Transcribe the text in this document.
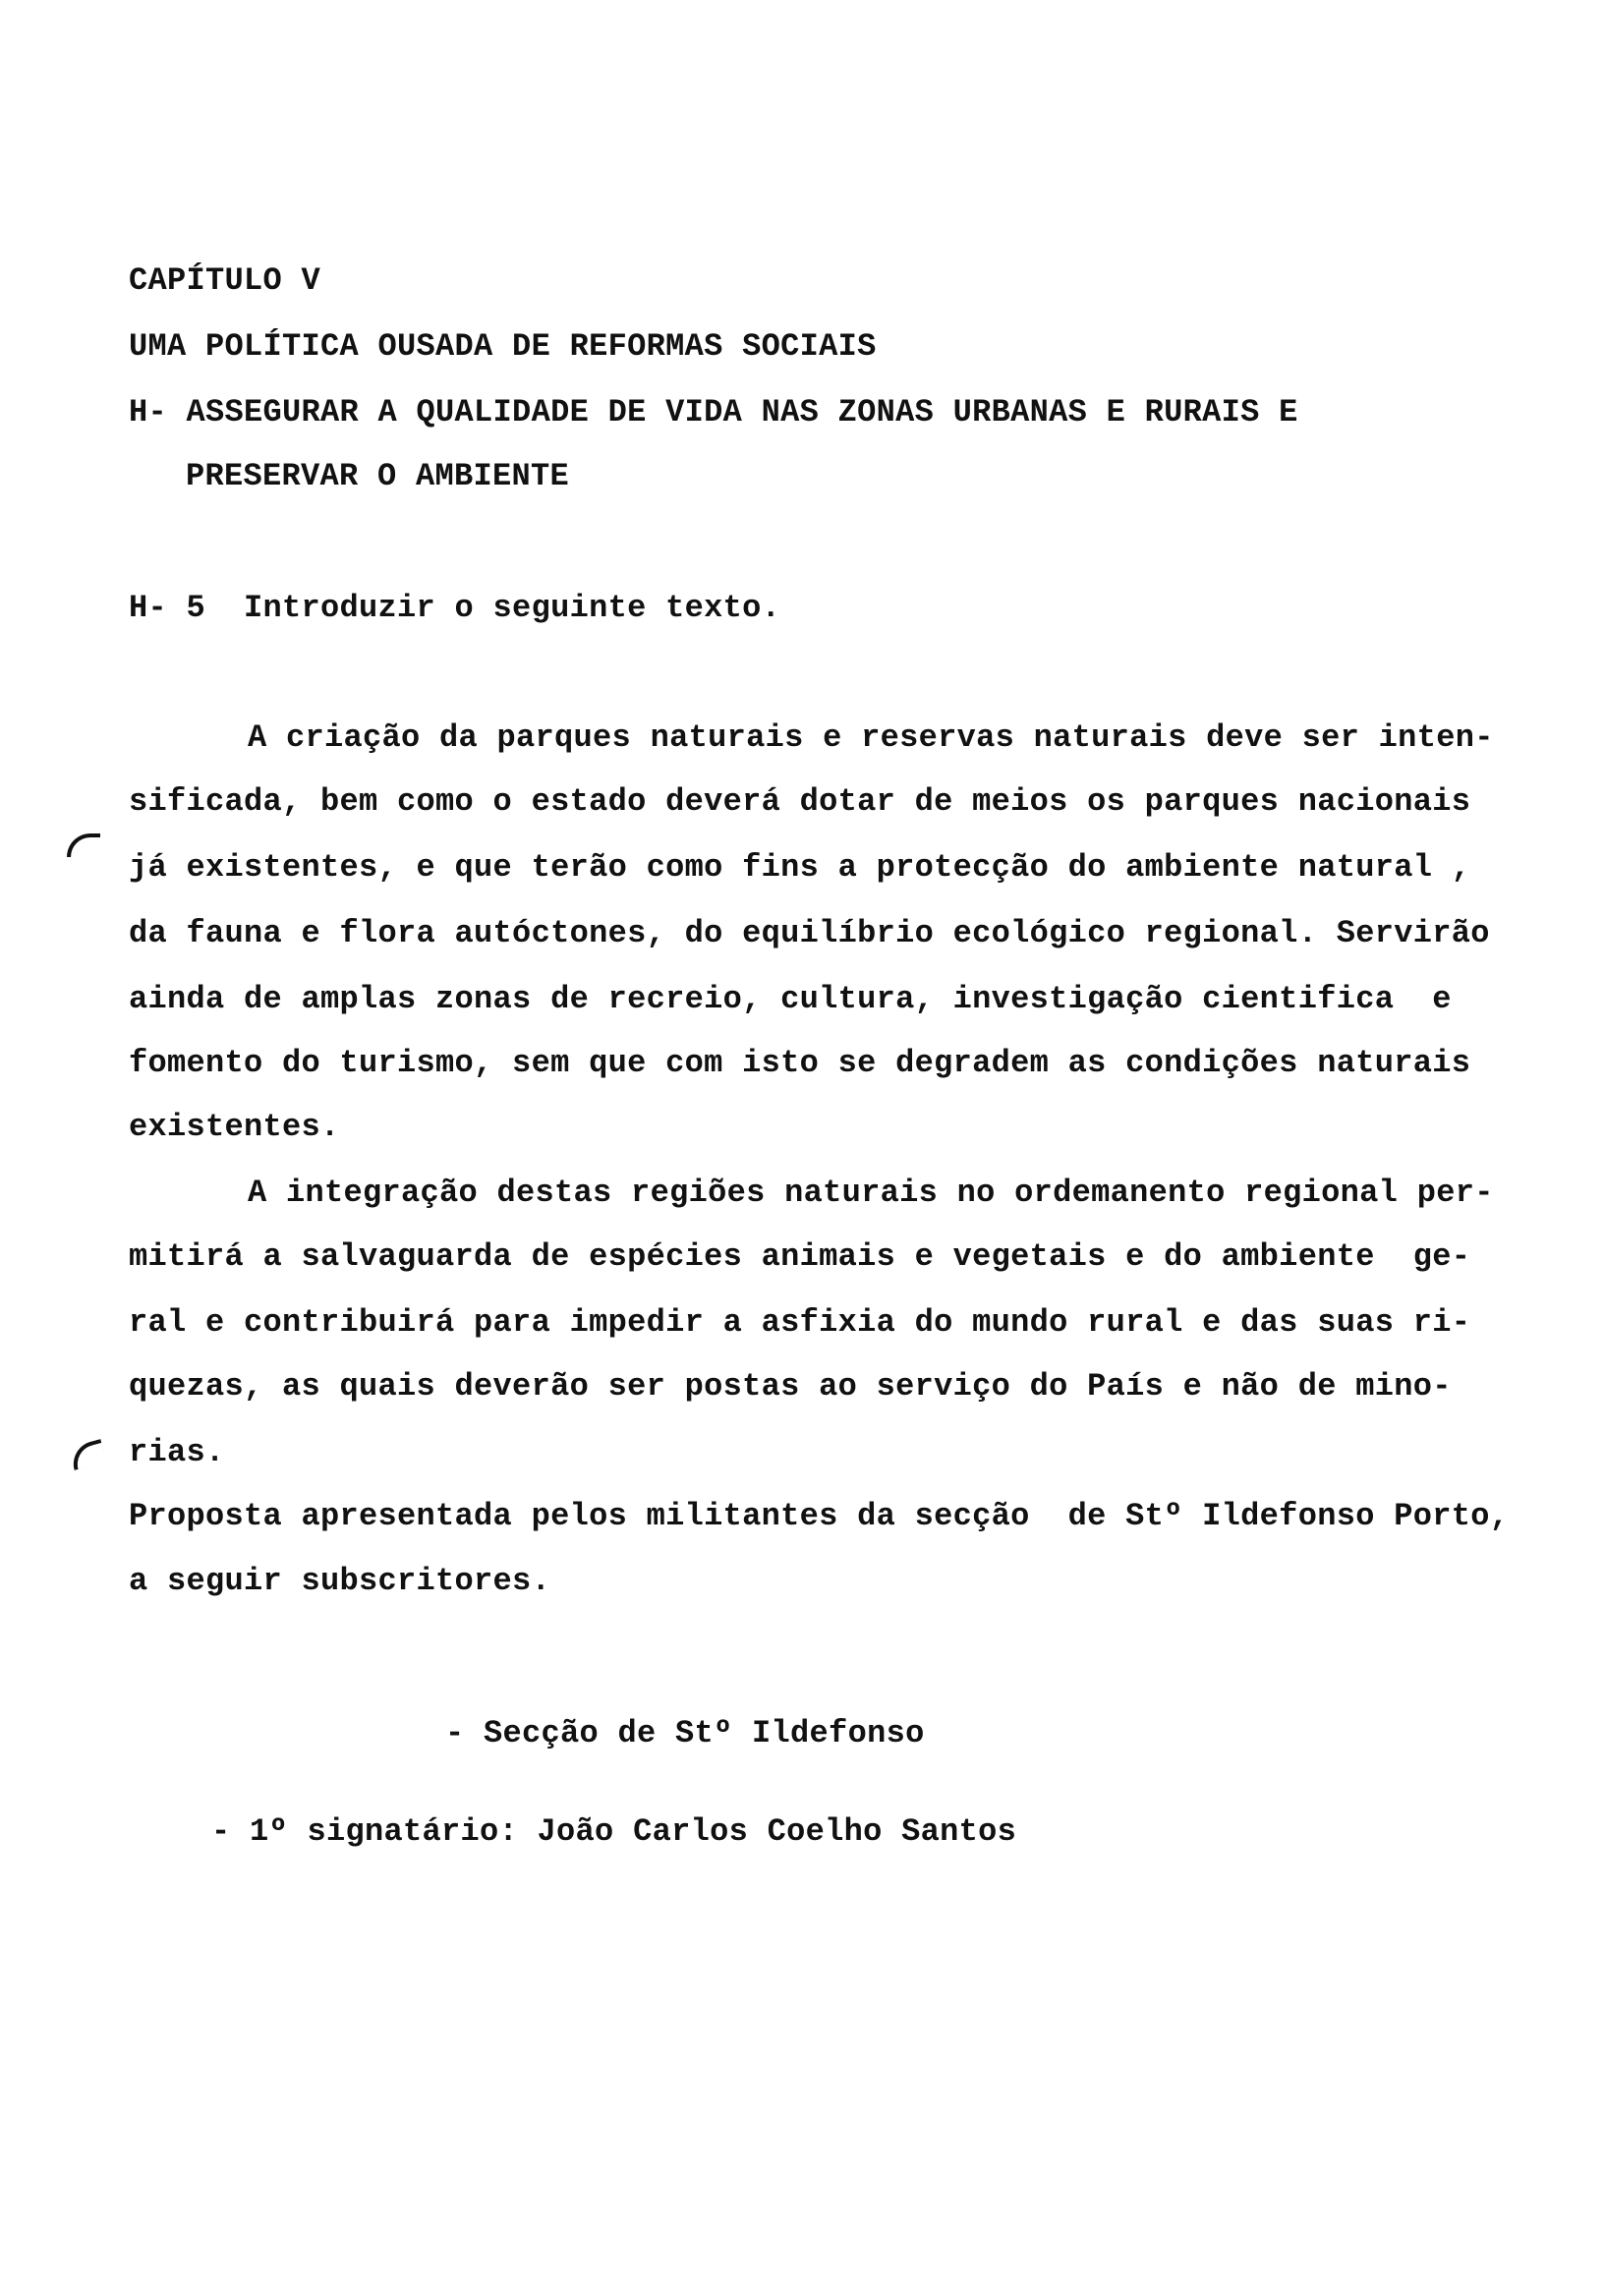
CAPÍTULO V
UMA POLÍTICA OUSADA DE REFORMAS SOCIAIS
H- ASSEGURAR A QUALIDADE DE VIDA NAS ZONAS URBANAS E RURAIS E
PRESERVAR O AMBIENTE
H- 5  Introduzir o seguinte texto.
A criação da parques naturais e reservas naturais deve ser inten-
sificada, bem como o estado deverá dotar de meios os parques nacionais
já existentes, e que terão como fins a protecção do ambiente natural ,
da fauna e flora autóctones, do equilíbrio ecológico regional. Servirão
ainda de amplas zonas de recreio, cultura, investigação cientifica  e
fomento do turismo, sem que com isto se degradem as condições naturais
existentes.
A integração destas regiões naturais no ordemanento regional per-
mitirá a salvaguarda de espécies animais e vegetais e do ambiente  ge-
ral e contribuirá para impedir a asfixia do mundo rural e das suas ri-
quezas, as quais deverão ser postas ao serviço do País e não de mino-
rias.
Proposta apresentada pelos militantes da secção  de Stº Ildefonso Porto,
a seguir subscritores.
- Secção de Stº Ildefonso
- 1º signatário: João Carlos Coelho Santos
